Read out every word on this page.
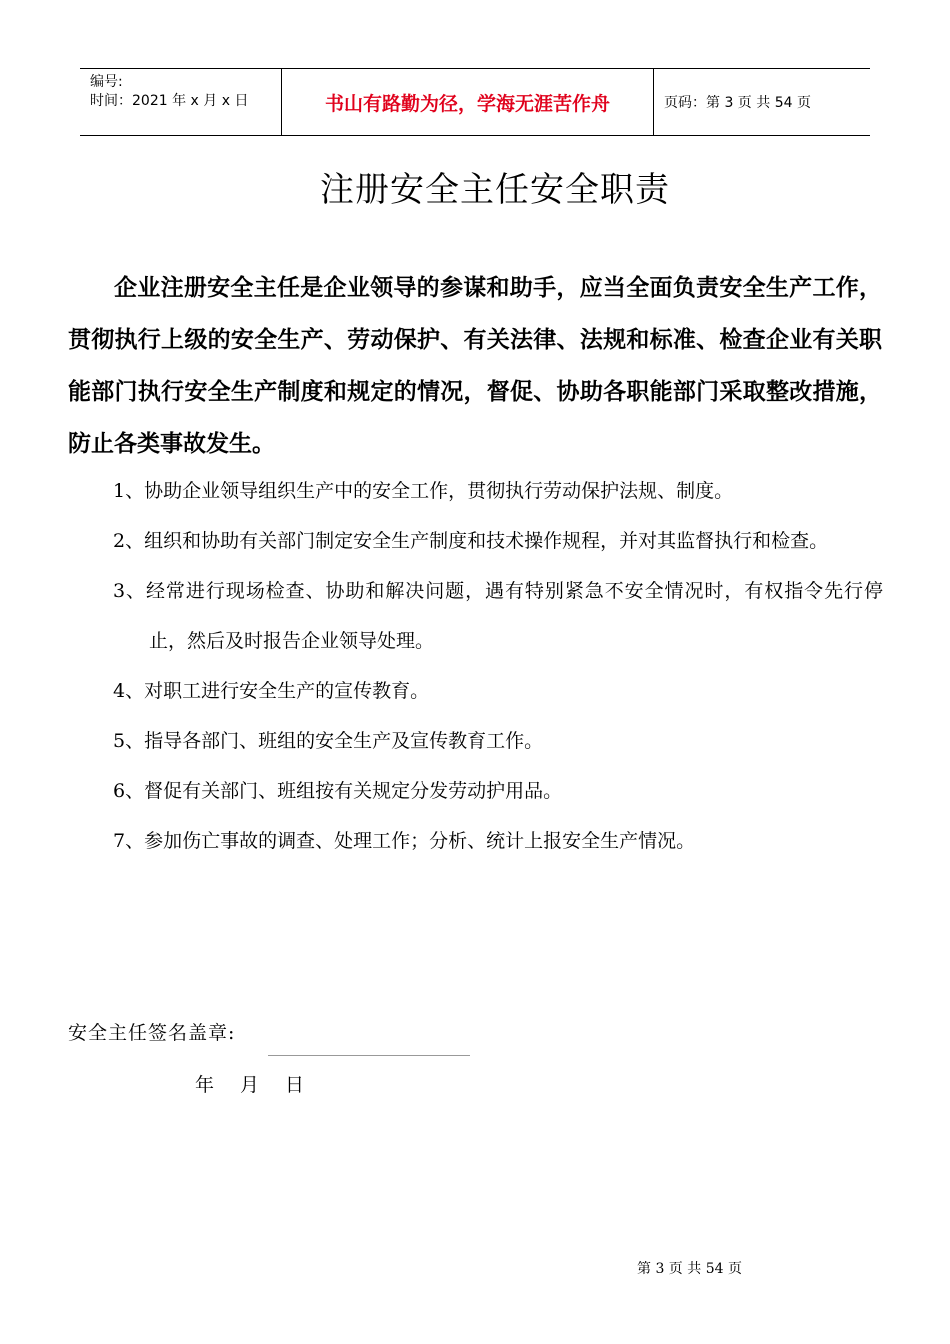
编号:
时间：2021 年 x 月 x 日	书山有路勤为径，学海无涯苦作舟	页码：第 3 页 共 54 页
注册安全主任安全职责
企业注册安全主任是企业领导的参谋和助手，应当全面负责安全生产工作，贯彻执行上级的安全生产、劳动保护、有关法律、法规和标准、检查企业有关职能部门执行安全生产制度和规定的情况，督促、协助各职能部门采取整改措施，防止各类事故发生。
1、协助企业领导组织生产中的安全工作，贯彻执行劳动保护法规、制度。
2、组织和协助有关部门制定安全生产制度和技术操作规程，并对其监督执行和检查。
3、经常进行现场检查、协助和解决问题，遇有特别紧急不安全情况时，有权指令先行停止，然后及时报告企业领导处理。
4、对职工进行安全生产的宣传教育。
5、指导各部门、班组的安全生产及宣传教育工作。
6、督促有关部门、班组按有关规定分发劳动护用品。
7、参加伤亡事故的调查、处理工作；分析、统计上报安全生产情况。
安全主任签名盖章:
年 月 日
第 3 页 共 54 页
